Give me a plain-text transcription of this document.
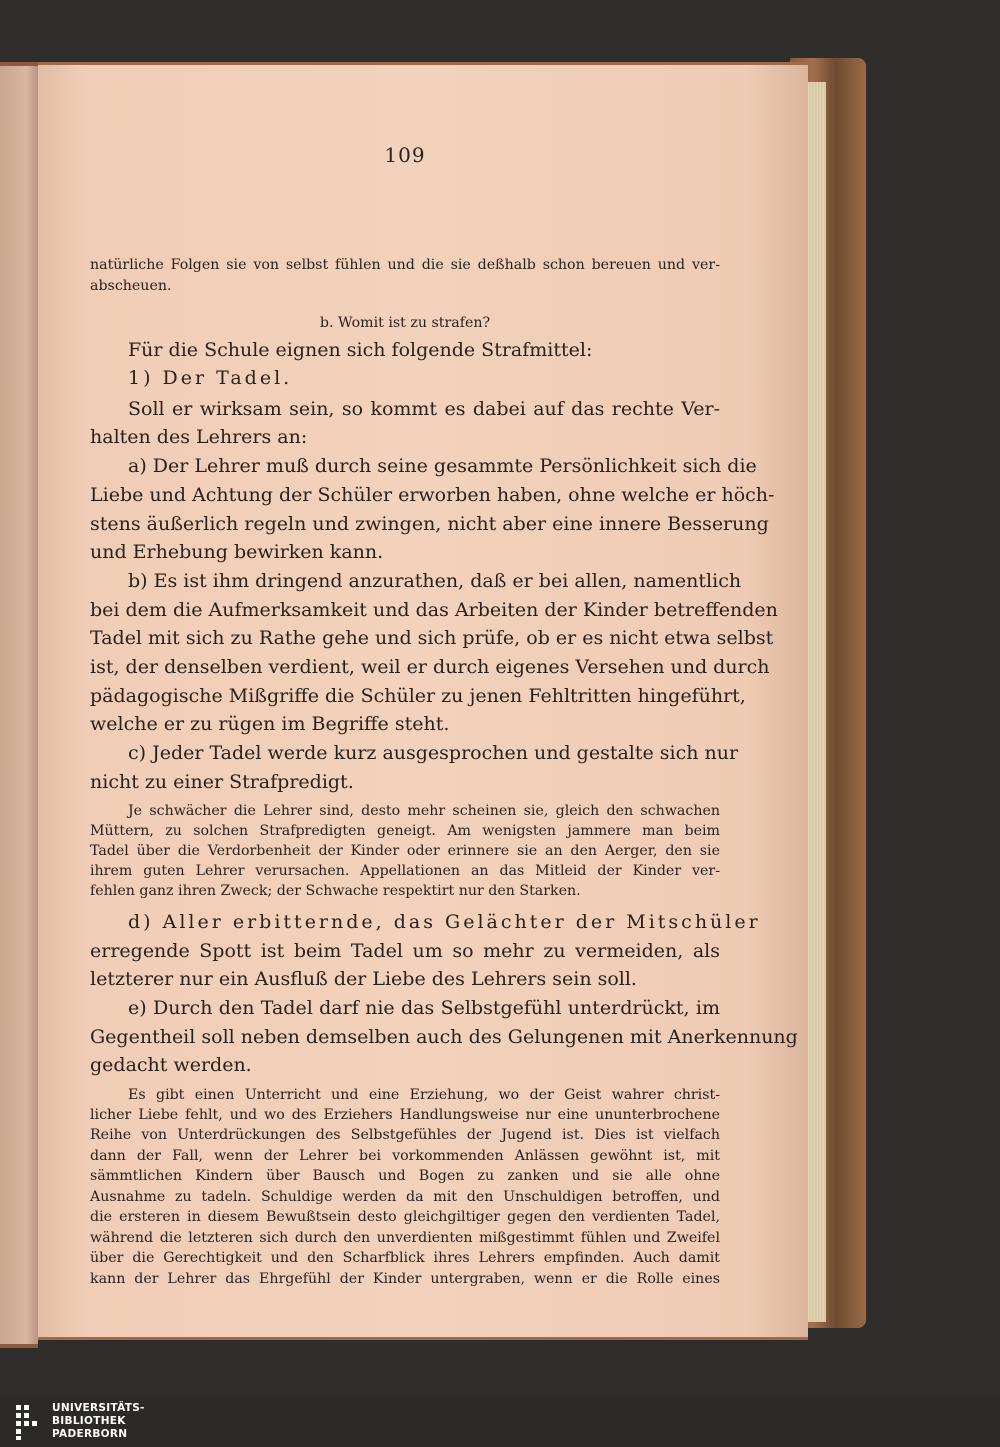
109
natürliche Folgen sie von selbst fühlen und die sie deßhalb schon bereuen und ver-
abscheuen.
b. Womit ist zu strafen?
Für die Schule eignen sich folgende Strafmittel:
1) Der Tadel.
Soll er wirksam sein, so kommt es dabei auf das rechte Ver-
halten des Lehrers an:
a) Der Lehrer muß durch seine gesammte Persönlichkeit sich die
Liebe und Achtung der Schüler erworben haben, ohne welche er höch-
stens äußerlich regeln und zwingen, nicht aber eine innere Besserung
und Erhebung bewirken kann.
b) Es ist ihm dringend anzurathen, daß er bei allen, namentlich
bei dem die Aufmerksamkeit und das Arbeiten der Kinder betreffenden
Tadel mit sich zu Rathe gehe und sich prüfe, ob er es nicht etwa selbst
ist, der denselben verdient, weil er durch eigenes Versehen und durch
pädagogische Mißgriffe die Schüler zu jenen Fehltritten hingeführt,
welche er zu rügen im Begriffe steht.
c) Jeder Tadel werde kurz ausgesprochen und gestalte sich nur
nicht zu einer Strafpredigt.
Je schwächer die Lehrer sind, desto mehr scheinen sie, gleich den schwachen
Müttern, zu solchen Strafpredigten geneigt. Am wenigsten jammere man beim
Tadel über die Verdorbenheit der Kinder oder erinnere sie an den Aerger, den sie
ihrem guten Lehrer verursachen. Appellationen an das Mitleid der Kinder ver-
fehlen ganz ihren Zweck; der Schwache respektirt nur den Starken.
d) Aller erbitternde, das Gelächter der Mitschüler
erregende Spott ist beim Tadel um so mehr zu vermeiden, als
letzterer nur ein Ausfluß der Liebe des Lehrers sein soll.
e) Durch den Tadel darf nie das Selbstgefühl unterdrückt, im
Gegentheil soll neben demselben auch des Gelungenen mit Anerkennung
gedacht werden.
Es gibt einen Unterricht und eine Erziehung, wo der Geist wahrer christ-
licher Liebe fehlt, und wo des Erziehers Handlungsweise nur eine ununterbrochene
Reihe von Unterdrückungen des Selbstgefühles der Jugend ist. Dies ist vielfach
dann der Fall, wenn der Lehrer bei vorkommenden Anlässen gewöhnt ist, mit
sämmtlichen Kindern über Bausch und Bogen zu zanken und sie alle ohne
Ausnahme zu tadeln. Schuldige werden da mit den Unschuldigen betroffen, und
die ersteren in diesem Bewußtsein desto gleichgiltiger gegen den verdienten Tadel,
während die letzteren sich durch den unverdienten mißgestimmt fühlen und Zweifel
über die Gerechtigkeit und den Scharfblick ihres Lehrers empfinden. Auch damit
kann der Lehrer das Ehrgefühl der Kinder untergraben, wenn er die Rolle eines
UNIVERSITÄTS-
BIBLIOTHEK
PADERBORN
